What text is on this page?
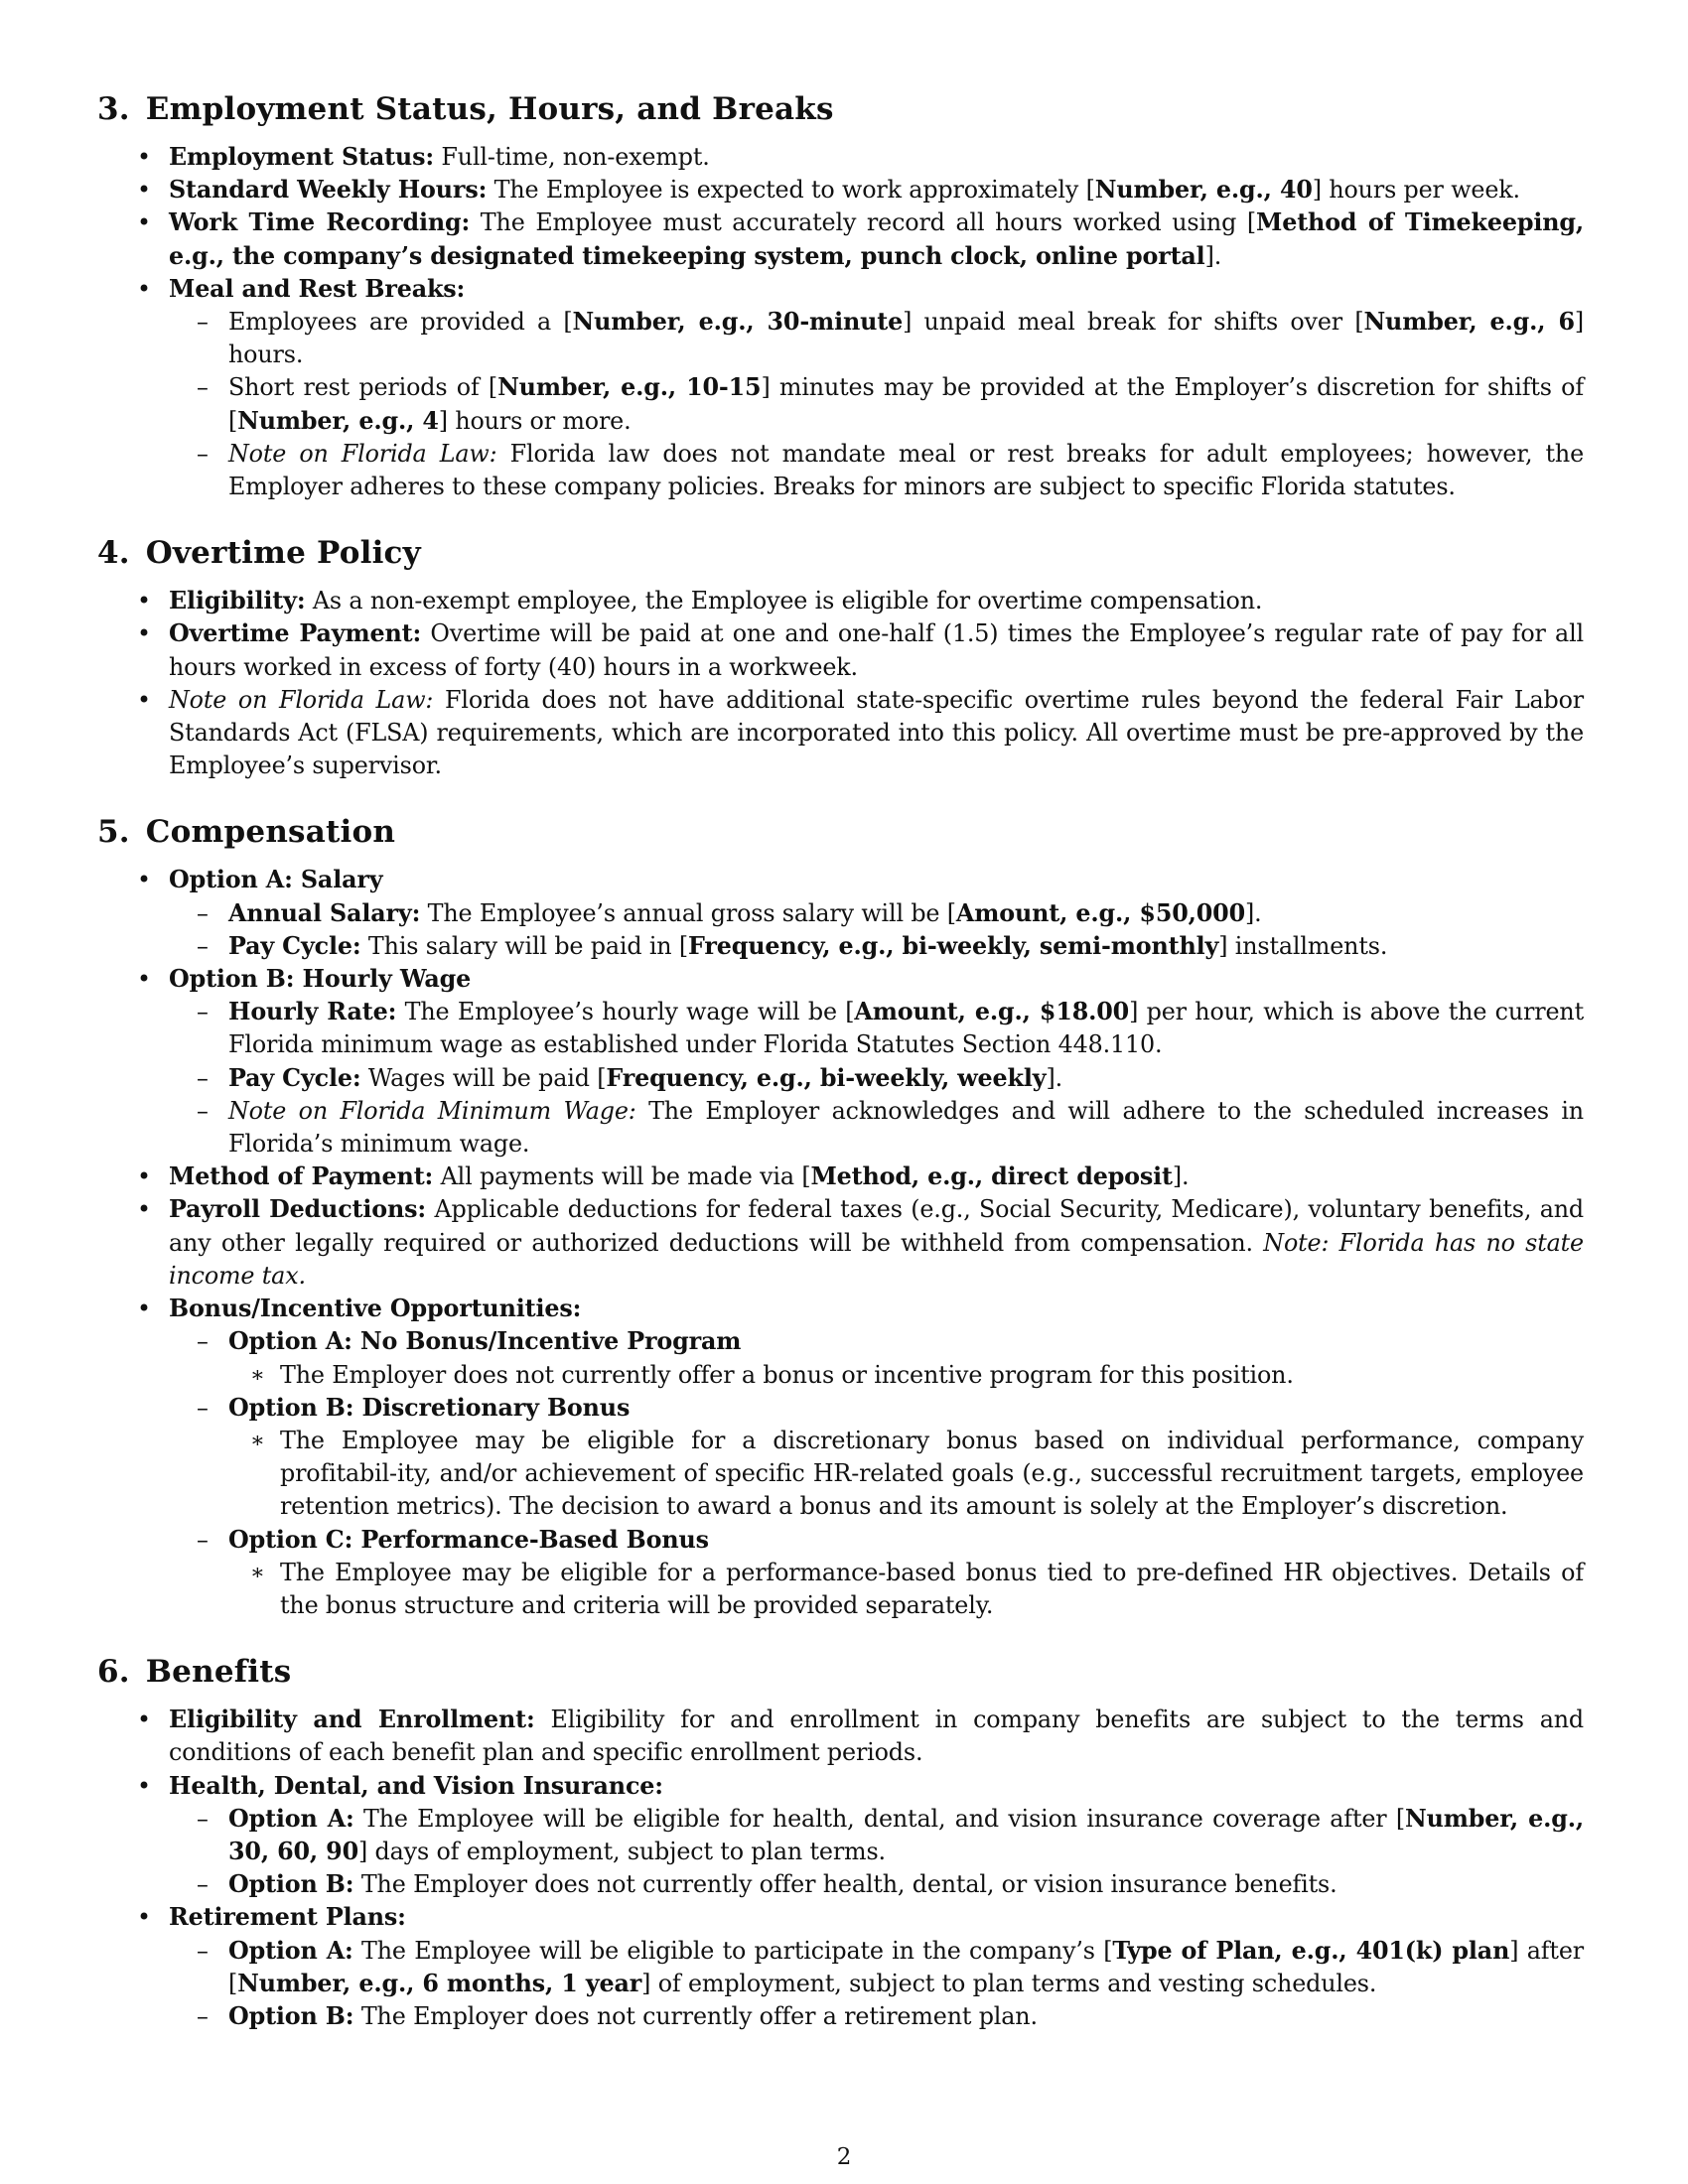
3. Employment Status, Hours, and Breaks
• Employment Status: Full-time, non-exempt.
• Standard Weekly Hours: The Employee is expected to work approximately [Number, e.g., 40] hours per week.
• Work Time Recording: The Employee must accurately record all hours worked using [Method of Timekeeping, e.g., the company’s designated timekeeping system, punch clock, online portal].
• Meal and Rest Breaks:
– Employees are provided a [Number, e.g., 30-minute] unpaid meal break for shifts over [Number, e.g., 6] hours.
– Short rest periods of [Number, e.g., 10-15] minutes may be provided at the Employer’s discretion for shifts of [Number, e.g., 4] hours or more.
– Note on Florida Law: Florida law does not mandate meal or rest breaks for adult employees; however, the Employer adheres to these company policies. Breaks for minors are subject to specific Florida statutes.
4. Overtime Policy
• Eligibility: As a non-exempt employee, the Employee is eligible for overtime compensation.
• Overtime Payment: Overtime will be paid at one and one-half (1.5) times the Employee’s regular rate of pay for all hours worked in excess of forty (40) hours in a workweek.
• Note on Florida Law: Florida does not have additional state-specific overtime rules beyond the federal Fair Labor Standards Act (FLSA) requirements, which are incorporated into this policy. All overtime must be pre-approved by the Employee’s supervisor.
5. Compensation
• Option A: Salary
– Annual Salary: The Employee’s annual gross salary will be [Amount, e.g., $50,000].
– Pay Cycle: This salary will be paid in [Frequency, e.g., bi-weekly, semi-monthly] installments.
• Option B: Hourly Wage
– Hourly Rate: The Employee’s hourly wage will be [Amount, e.g., $18.00] per hour, which is above the current Florida minimum wage as established under Florida Statutes Section 448.110.
– Pay Cycle: Wages will be paid [Frequency, e.g., bi-weekly, weekly].
– Note on Florida Minimum Wage: The Employer acknowledges and will adhere to the scheduled increases in Florida’s minimum wage.
• Method of Payment: All payments will be made via [Method, e.g., direct deposit].
• Payroll Deductions: Applicable deductions for federal taxes (e.g., Social Security, Medicare), voluntary benefits, and any other legally required or authorized deductions will be withheld from compensation. Note: Florida has no state income tax.
• Bonus/Incentive Opportunities:
– Option A: No Bonus/Incentive Program
∗ The Employer does not currently offer a bonus or incentive program for this position.
– Option B: Discretionary Bonus
∗ The Employee may be eligible for a discretionary bonus based on individual performance, company profitabil-ity, and/or achievement of specific HR-related goals (e.g., successful recruitment targets, employee retention metrics). The decision to award a bonus and its amount is solely at the Employer’s discretion.
– Option C: Performance-Based Bonus
∗ The Employee may be eligible for a performance-based bonus tied to pre-defined HR objectives. Details of the bonus structure and criteria will be provided separately.
6. Benefits
• Eligibility and Enrollment: Eligibility for and enrollment in company benefits are subject to the terms and conditions of each benefit plan and specific enrollment periods.
• Health, Dental, and Vision Insurance:
– Option A: The Employee will be eligible for health, dental, and vision insurance coverage after [Number, e.g., 30, 60, 90] days of employment, subject to plan terms.
– Option B: The Employer does not currently offer health, dental, or vision insurance benefits.
• Retirement Plans:
– Option A: The Employee will be eligible to participate in the company’s [Type of Plan, e.g., 401(k) plan] after [Number, e.g., 6 months, 1 year] of employment, subject to plan terms and vesting schedules.
– Option B: The Employer does not currently offer a retirement plan.
2
